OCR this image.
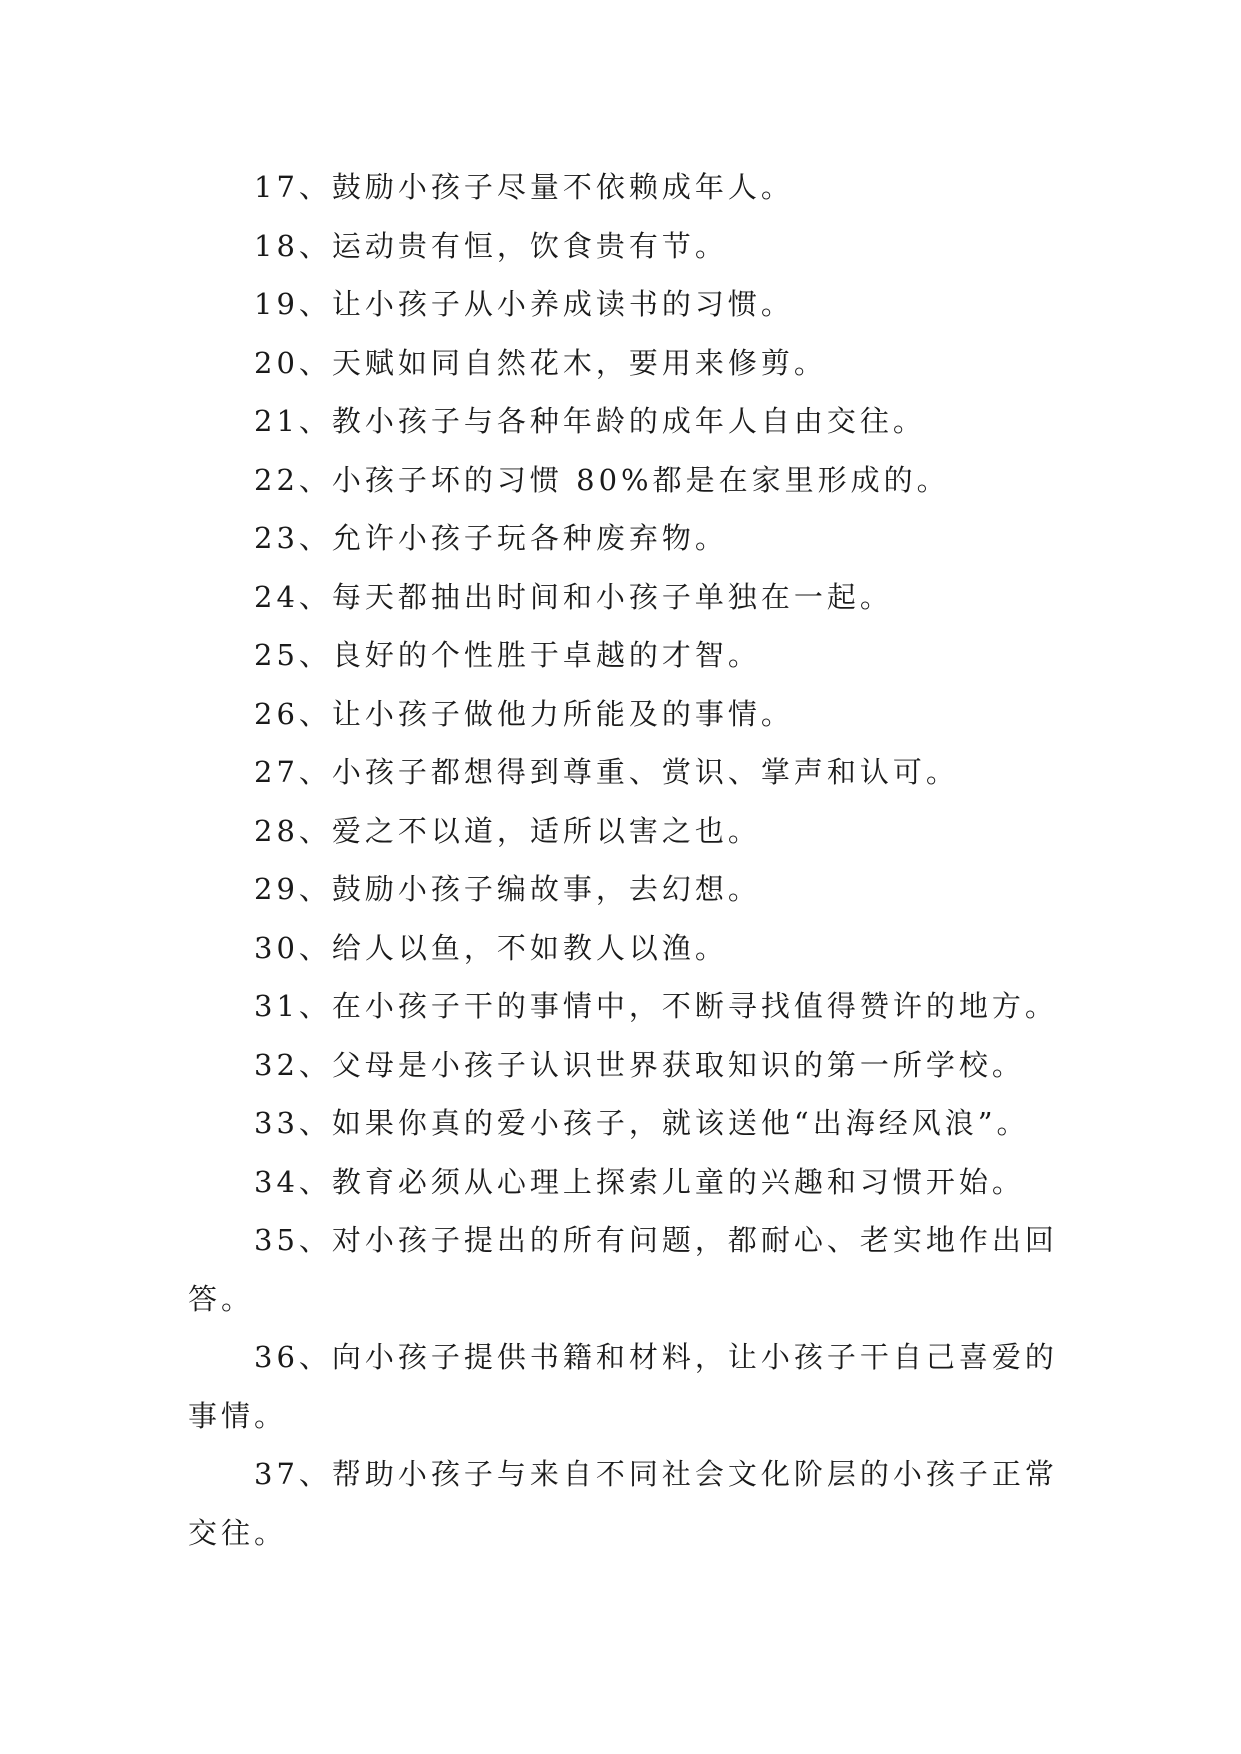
17、鼓励小孩子尽量不依赖成年人。

18、运动贵有恒，饮食贵有节。

19、让小孩子从小养成读书的习惯。

20、天赋如同自然花木，要用来修剪。

21、教小孩子与各种年龄的成年人自由交往。

22、小孩子坏的习惯 80%都是在家里形成的。

23、允许小孩子玩各种废弃物。

24、每天都抽出时间和小孩子单独在一起。

25、良好的个性胜于卓越的才智。

26、让小孩子做他力所能及的事情。

27、小孩子都想得到尊重、赏识、掌声和认可。

28、爱之不以道，适所以害之也。

29、鼓励小孩子编故事，去幻想。

30、给人以鱼，不如教人以渔。

31、在小孩子干的事情中，不断寻找值得赞许的地方。

32、父母是小孩子认识世界获取知识的第一所学校。

33、如果你真的爱小孩子，就该送他“出海经风浪”。

34、教育必须从心理上探索儿童的兴趣和习惯开始。

35、对小孩子提出的所有问题，都耐心、老实地作出回答。

36、向小孩子提供书籍和材料，让小孩子干自己喜爱的事情。

37、帮助小孩子与来自不同社会文化阶层的小孩子正常交往。
